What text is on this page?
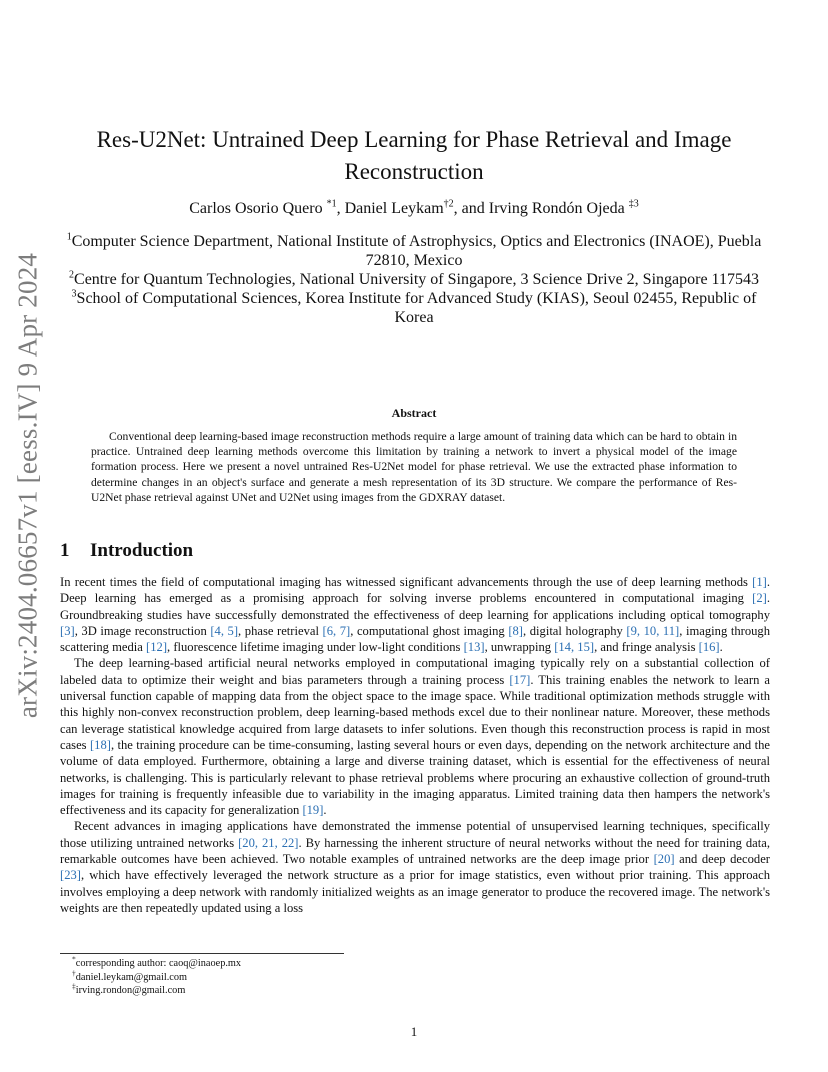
arXiv:2404.06657v1 [eess.IV] 9 Apr 2024
Res-U2Net: Untrained Deep Learning for Phase Retrieval and Image Reconstruction
Carlos Osorio Quero $^{*1}$, Daniel Leykam$^{\dagger 2}$, and Irving Rondón Ojeda $^{\ddagger 3}$
$^1$Computer Science Department, National Institute of Astrophysics, Optics and Electronics (INAOE), Puebla 72810, Mexico
$^2$Centre for Quantum Technologies, National University of Singapore, 3 Science Drive 2, Singapore 117543
$^3$School of Computational Sciences, Korea Institute for Advanced Study (KIAS), Seoul 02455, Republic of Korea
Abstract

Conventional deep learning-based image reconstruction methods require a large amount of training data which can be hard to obtain in practice. Untrained deep learning methods overcome this limitation by training a network to invert a physical model of the image formation process. Here we present a novel untrained Res-U2Net model for phase retrieval. We use the extracted phase information to determine changes in an object's surface and generate a mesh representation of its 3D structure. We compare the performance of Res-U2Net phase retrieval against UNet and U2Net using images from the GDXRAY dataset.

1 Introduction

In recent times the field of computational imaging has witnessed significant advancements through the use of deep learning methods [1]. Deep learning has emerged as a promising approach for solving inverse problems encountered in computational imaging [2]. Groundbreaking studies have successfully demonstrated the effectiveness of deep learning for applications including optical tomography [3], 3D image reconstruction [4, 5], phase retrieval [6, 7], computational ghost imaging [8], digital holography [9, 10, 11], imaging through scattering media [12], fluorescence lifetime imaging under low-light conditions [13], unwrapping [14, 15], and fringe analysis [16].

The deep learning-based artificial neural networks employed in computational imaging typically rely on a substantial collection of labeled data to optimize their weight and bias parameters through a training process [17]. This training enables the network to learn a universal function capable of mapping data from the object space to the image space. While traditional optimization methods struggle with this highly non-convex reconstruction problem, deep learning-based methods excel due to their nonlinear nature. Moreover, these methods can leverage statistical knowledge acquired from large datasets to infer solutions. Even though this reconstruction process is rapid in most cases [18], the training procedure can be time-consuming, lasting several hours or even days, depending on the network architecture and the volume of data employed. Furthermore, obtaining a large and diverse training dataset, which is essential for the effectiveness of neural networks, is challenging. This is particularly relevant to phase retrieval problems where procuring an exhaustive collection of ground-truth images for training is frequently infeasible due to variability in the imaging apparatus. Limited training data then hampers the network's effectiveness and its capacity for generalization [19].

Recent advances in imaging applications have demonstrated the immense potential of unsupervised learning techniques, specifically those utilizing untrained networks [20, 21, 22]. By harnessing the inherent structure of neural networks without the need for training data, remarkable outcomes have been achieved. Two notable examples of untrained networks are the deep image prior [20] and deep decoder [23], which have effectively leveraged the network structure as a prior for image statistics, even without prior training. This approach involves employing a deep network with randomly initialized weights as an image generator to produce the recovered image. The network's weights are then repeatedly updated using a loss

*corresponding author: caoq@inaoep.mx
†daniel.leykam@gmail.com
‡irving.rondon@gmail.com
1
